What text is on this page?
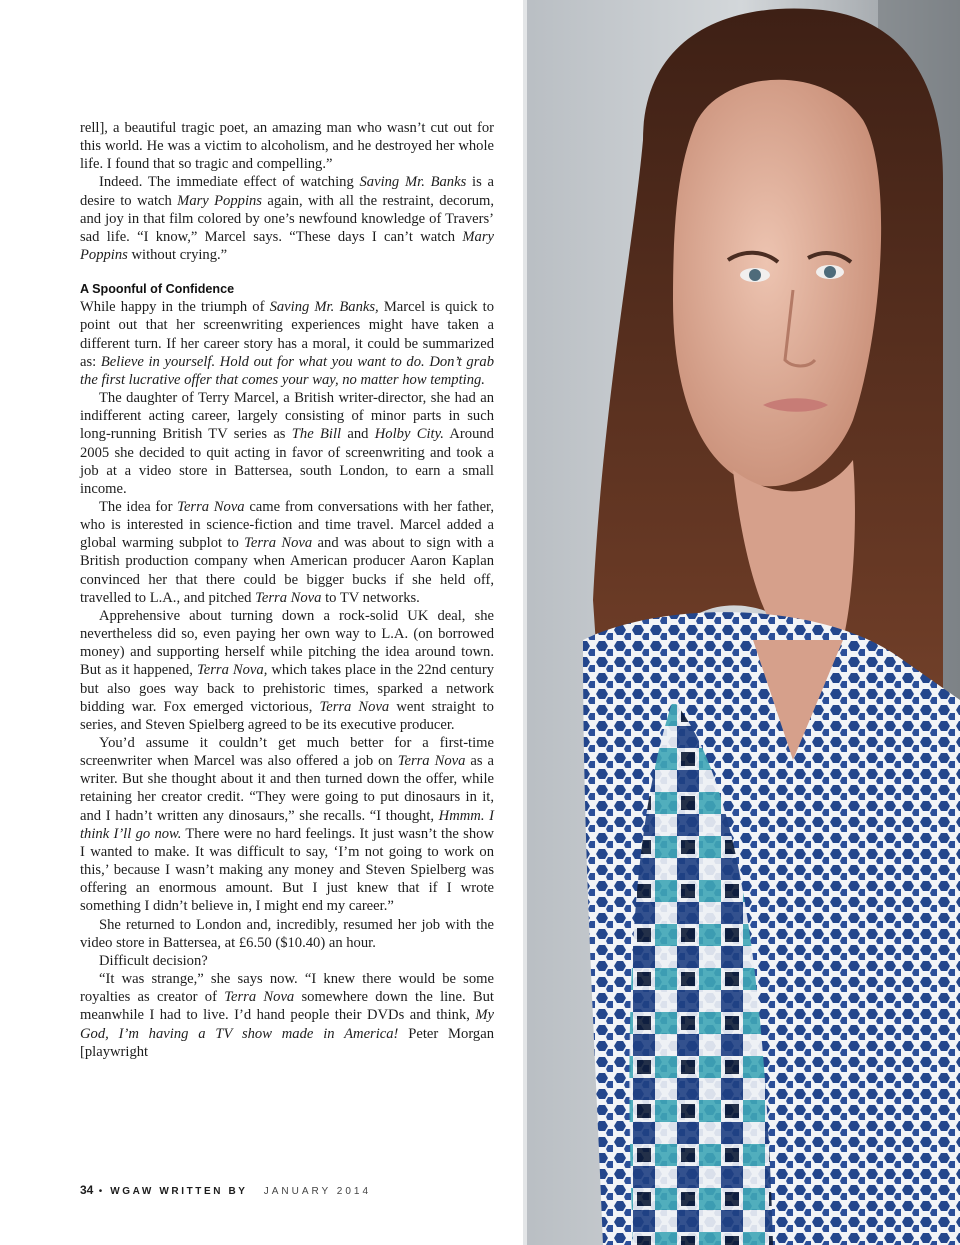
rell], a beautiful tragic poet, an amazing man who wasn’t cut out for this world. He was a victim to alcoholism, and he destroyed her whole life. I found that so tragic and compelling.”

Indeed. The immediate effect of watching Saving Mr. Banks is a desire to watch Mary Poppins again, with all the restraint, decorum, and joy in that film colored by one’s newfound knowledge of Travers’ sad life. “I know,” Marcel says. “These days I can’t watch Mary Poppins without crying.”

A Spoonful of Confidence

While happy in the triumph of Saving Mr. Banks, Marcel is quick to point out that her screenwriting experiences might have taken a different turn. If her career story has a moral, it could be summarized as: Believe in yourself. Hold out for what you want to do. Don’t grab the first lucrative offer that comes your way, no matter how tempting.

The daughter of Terry Marcel, a British writer-director, she had an indifferent acting career, largely consisting of minor parts in such long-running British TV series as The Bill and Holby City. Around 2005 she decided to quit acting in favor of screenwriting and took a job at a video store in Battersea, south London, to earn a small income.

The idea for Terra Nova came from conversations with her father, who is interested in science-fiction and time travel. Marcel added a global warming subplot to Terra Nova and was about to sign with a British production company when American producer Aaron Kaplan convinced her that there could be bigger bucks if she held off, travelled to L.A., and pitched Terra Nova to TV networks.

Apprehensive about turning down a rock-solid UK deal, she nevertheless did so, even paying her own way to L.A. (on borrowed money) and supporting herself while pitching the idea around town. But as it happened, Terra Nova, which takes place in the 22nd century but also goes way back to prehistoric times, sparked a network bidding war. Fox emerged victorious, Terra Nova went straight to series, and Steven Spielberg agreed to be its executive producer.

You’d assume it couldn’t get much better for a first-time screenwriter when Marcel was also offered a job on Terra Nova as a writer. But she thought about it and then turned down the offer, while retaining her creator credit. “They were going to put dinosaurs in it, and I hadn’t written any dinosaurs,” she recalls. “I thought, Hmmm. I think I’ll go now. There were no hard feelings. It just wasn’t the show I wanted to make. It was difficult to say, ‘I’m not going to work on this,’ because I wasn’t making any money and Steven Spielberg was offering an enormous amount. But I just knew that if I wrote something I didn’t believe in, I might end my career.”

She returned to London and, incredibly, resumed her job with the video store in Battersea, at £6.50 ($10.40) an hour.

Difficult decision?

“It was strange,” she says now. “I knew there would be some royalties as creator of Terra Nova somewhere down the line. But meanwhile I had to live. I’d hand people their DVDs and think, My God, I’m having a TV show made in America! Peter Morgan [playwright

34 • WGAW WRITTEN BY JANUARY 2014
